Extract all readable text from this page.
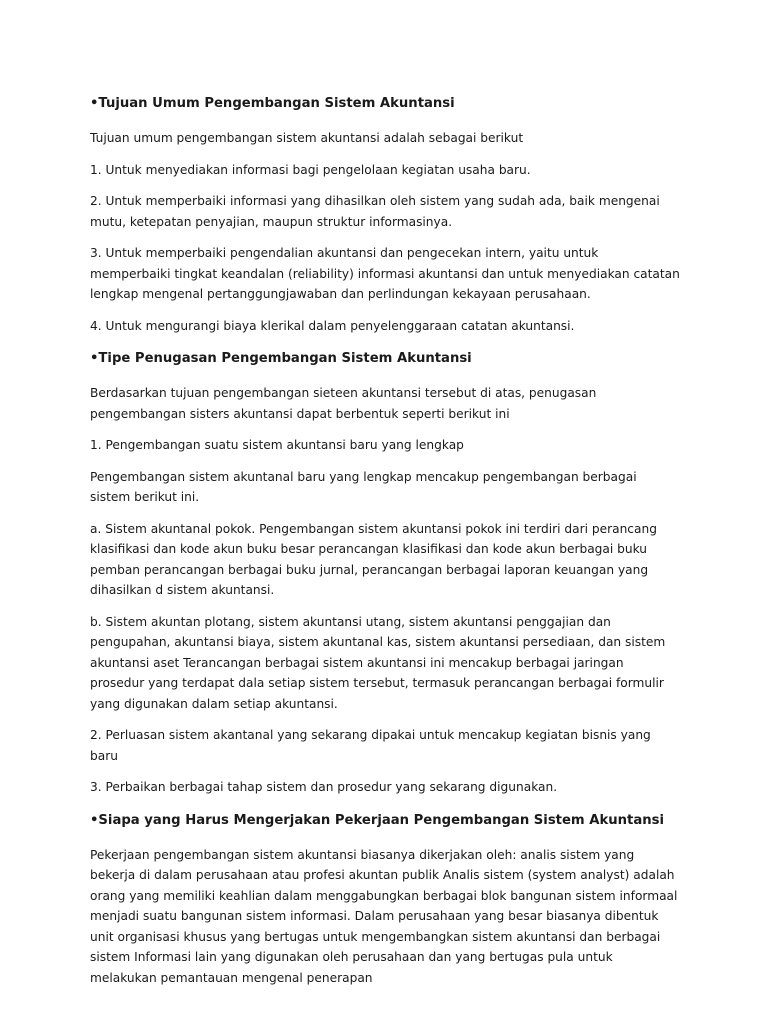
•Tujuan Umum Pengembangan Sistem Akuntansi
Tujuan umum pengembangan sistem akuntansi adalah sebagai berikut
1. Untuk menyediakan informasi bagi pengelolaan kegiatan usaha baru.
2. Untuk memperbaiki informasi yang dihasilkan oleh sistem yang sudah ada, baik mengenai mutu, ketepatan penyajian, maupun struktur informasinya.
3. Untuk memperbaiki pengendalian akuntansi dan pengecekan intern, yaitu untuk memperbaiki tingkat keandalan (reliability) informasi akuntansi dan untuk menyediakan catatan lengkap mengenal pertanggungjawaban dan perlindungan kekayaan perusahaan.
4. Untuk mengurangi biaya klerikal dalam penyelenggaraan catatan akuntansi.
•Tipe Penugasan Pengembangan Sistem Akuntansi
Berdasarkan tujuan pengembangan sieteen akuntansi tersebut di atas, penugasan pengembangan sisters akuntansi dapat berbentuk seperti berikut ini
1. Pengembangan suatu sistem akuntansi baru yang lengkap
Pengembangan sistem akuntanal baru yang lengkap mencakup pengembangan berbagai sistem berikut ini.
a. Sistem akuntanal pokok. Pengembangan sistem akuntansi pokok ini terdiri dari perancang klasifikasi dan kode akun buku besar perancangan klasifikasi dan kode akun berbagai buku pemban perancangan berbagai buku jurnal, perancangan berbagai laporan keuangan yang dihasilkan d sistem akuntansi.
b. Sistem akuntan plotang, sistem akuntansi utang, sistem akuntansi penggajian dan pengupahan, akuntansi biaya, sistem akuntanal kas, sistem akuntansi persediaan, dan sistem akuntansi aset Terancangan berbagai sistem akuntansi ini mencakup berbagai jaringan prosedur yang terdapat dala setiap sistem tersebut, termasuk perancangan berbagai formulir yang digunakan dalam setiap akuntansi.
2. Perluasan sistem akantanal yang sekarang dipakai untuk mencakup kegiatan bisnis yang baru
3. Perbaikan berbagai tahap sistem dan prosedur yang sekarang digunakan.
•Siapa yang Harus Mengerjakan Pekerjaan Pengembangan Sistem Akuntansi
Pekerjaan pengembangan sistem akuntansi biasanya dikerjakan oleh: analis sistem yang bekerja di dalam perusahaan atau profesi akuntan publik Analis sistem (system analyst) adalah orang yang memiliki keahlian dalam menggabungkan berbagai blok bangunan sistem informaal menjadi suatu bangunan sistem informasi. Dalam perusahaan yang besar biasanya dibentuk unit organisasi khusus yang bertugas untuk mengembangkan sistem akuntansi dan berbagai sistem Informasi lain yang digunakan oleh perusahaan dan yang bertugas pula untuk melakukan pemantauan mengenal penerapan
